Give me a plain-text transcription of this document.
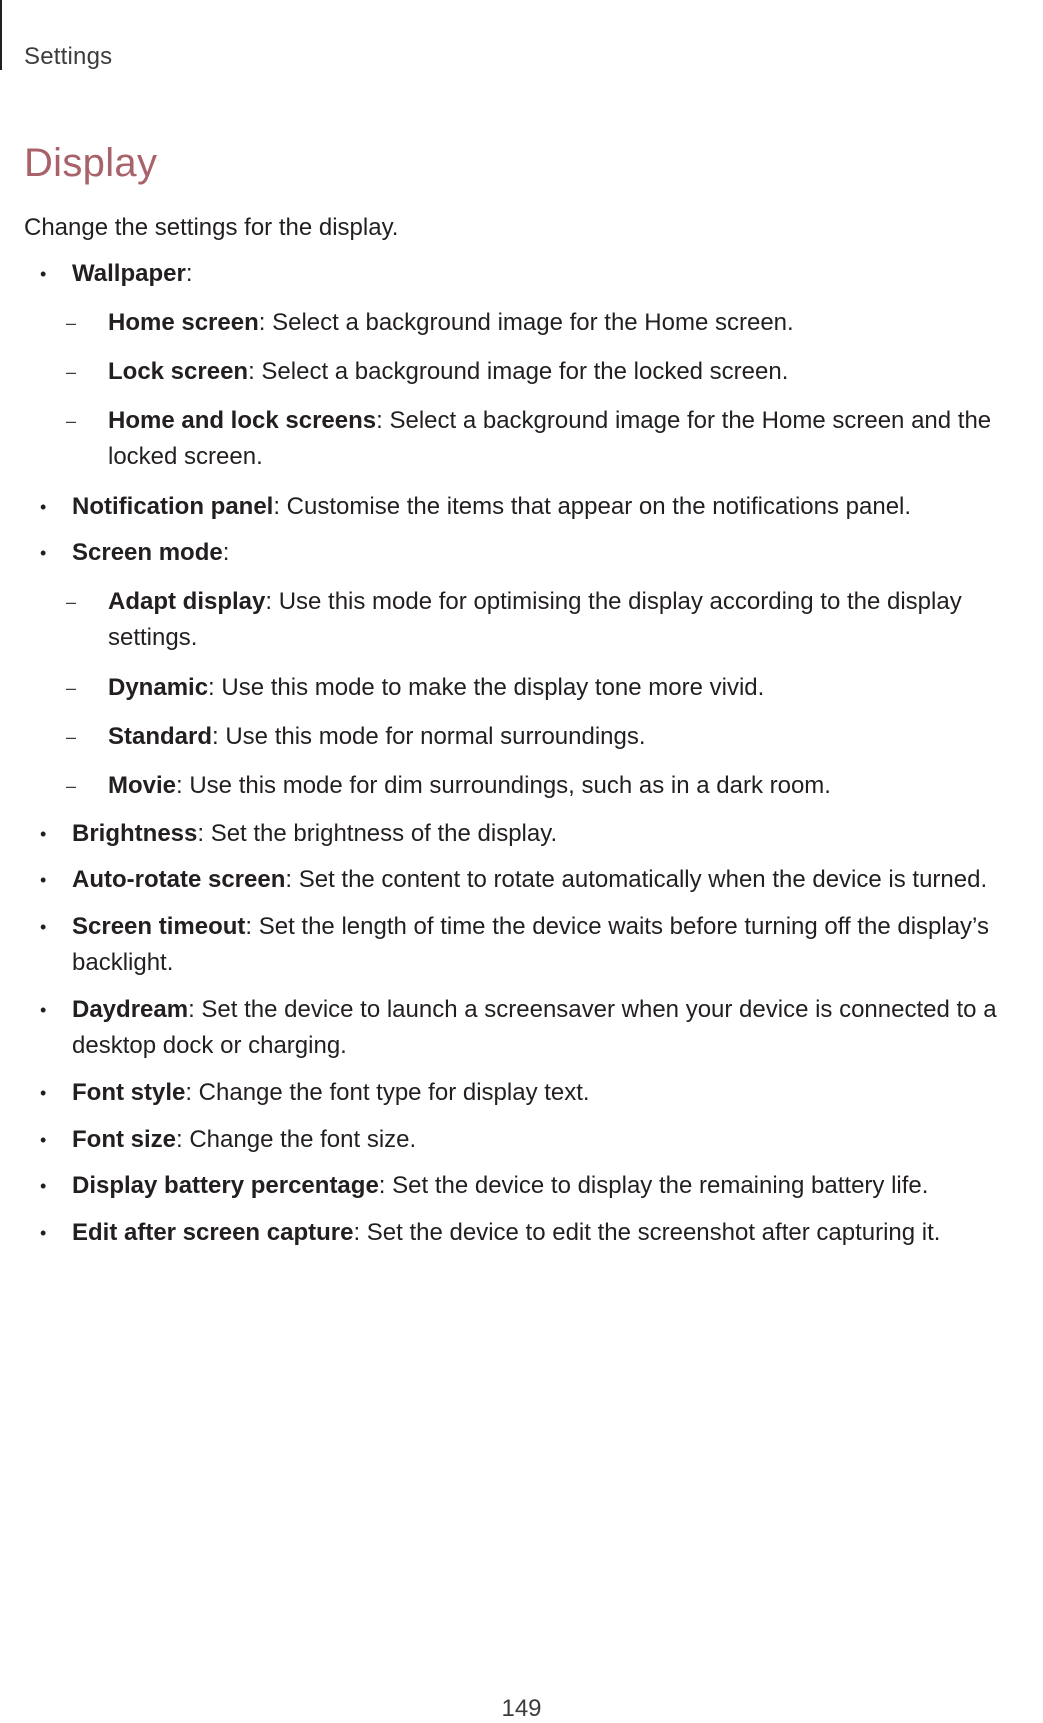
Settings
Display

Change the settings for the display.

• Wallpaper:

– Home screen: Select a background image for the Home screen.

– Lock screen: Select a background image for the locked screen.

– Home and lock screens: Select a background image for the Home screen and the
locked screen.

• Notification panel: Customise the items that appear on the notifications panel.

• Screen mode:

– Adapt display: Use this mode for optimising the display according to the display
settings.

– Dynamic: Use this mode to make the display tone more vivid.

– Standard: Use this mode for normal surroundings.

– Movie: Use this mode for dim surroundings, such as in a dark room.

• Brightness: Set the brightness of the display.

• Auto-rotate screen: Set the content to rotate automatically when the device is turned.

• Screen timeout: Set the length of time the device waits before turning off the display’s
backlight.

• Daydream: Set the device to launch a screensaver when your device is connected to a
desktop dock or charging.

• Font style: Change the font type for display text.

• Font size: Change the font size.

• Display battery percentage: Set the device to display the remaining battery life.

• Edit after screen capture: Set the device to edit the screenshot after capturing it.

149
